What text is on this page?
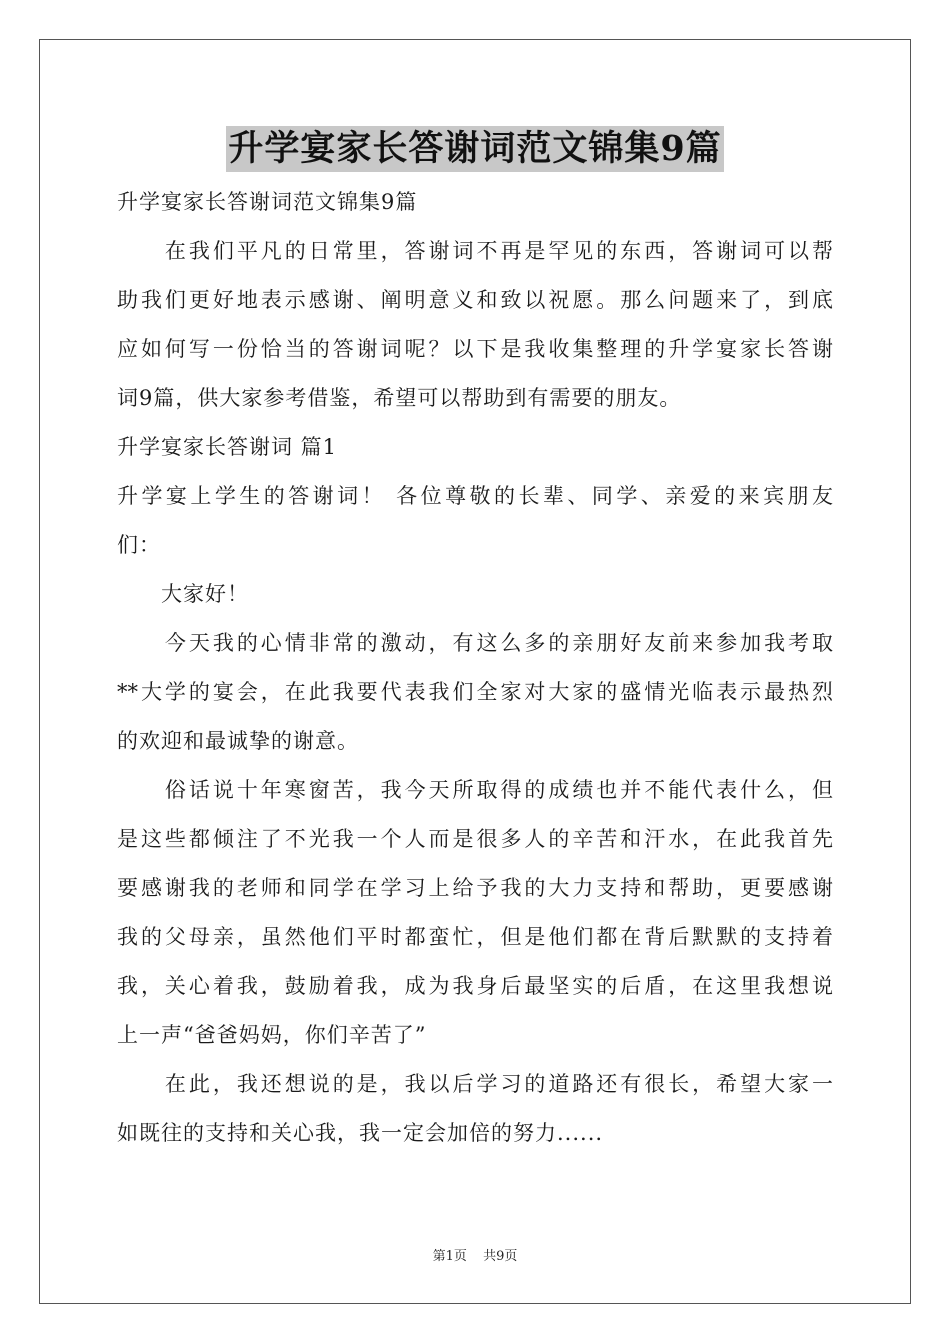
升学宴家长答谢词范文锦集9篇
升学宴家长答谢词范文锦集9篇
　　在我们平凡的日常里，答谢词不再是罕见的东西，答谢词可以帮
助我们更好地表示感谢、阐明意义和致以祝愿。那么问题来了，到底
应如何写一份恰当的答谢词呢？以下是我收集整理的升学宴家长答谢
词9篇，供大家参考借鉴，希望可以帮助到有需要的朋友。
升学宴家长答谢词 篇1
升学宴上学生的答谢词！ 各位尊敬的长辈、同学、亲爱的来宾朋友
们：
　　大家好！
　　今天我的心情非常的激动，有这么多的亲朋好友前来参加我考取
**大学的宴会，在此我要代表我们全家对大家的盛情光临表示最热烈
的欢迎和最诚挚的谢意。
　　俗话说十年寒窗苦，我今天所取得的成绩也并不能代表什么，但
是这些都倾注了不光我一个人而是很多人的辛苦和汗水，在此我首先
要感谢我的老师和同学在学习上给予我的大力支持和帮助，更要感谢
我的父母亲，虽然他们平时都蛮忙，但是他们都在背后默默的支持着
我，关心着我，鼓励着我，成为我身后最坚实的后盾，在这里我想说
上一声“爸爸妈妈，你们辛苦了”
　　在此，我还想说的是，我以后学习的道路还有很长，希望大家一
如既往的支持和关心我，我一定会加倍的努力......
第1页 共9页
